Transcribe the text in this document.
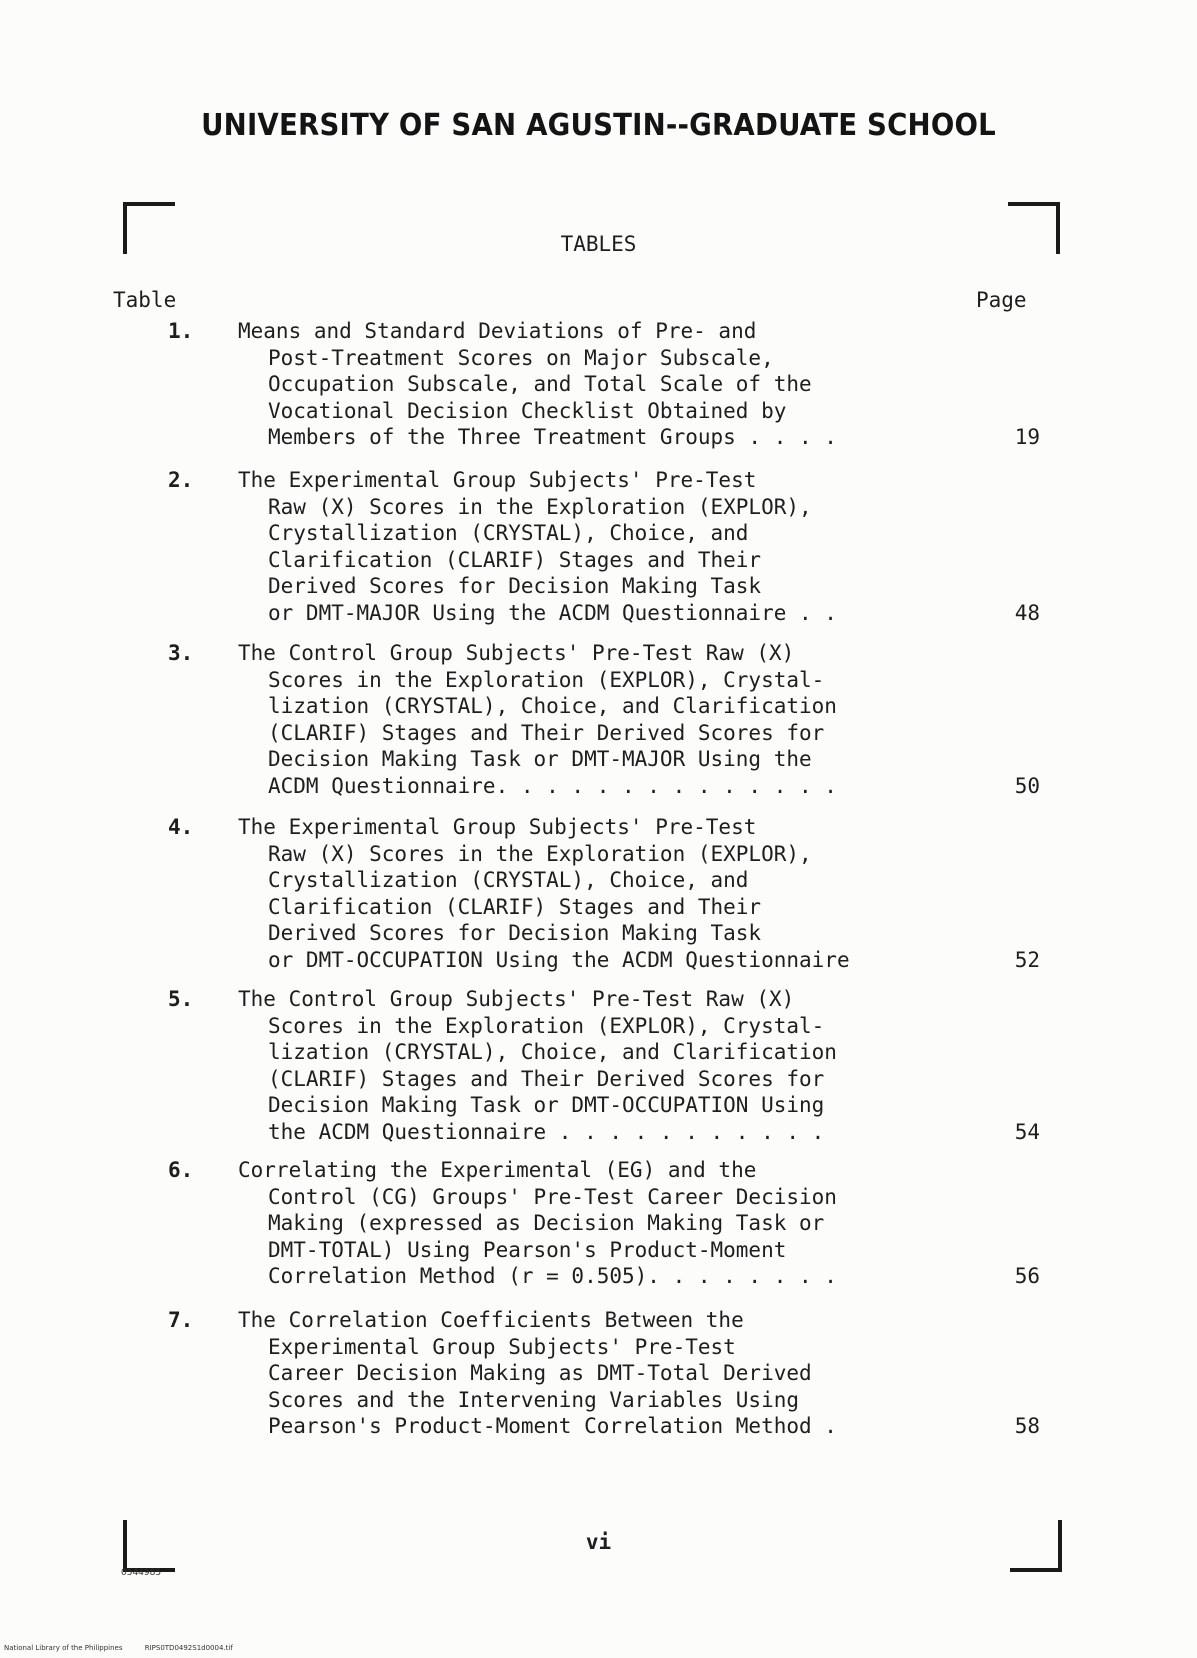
UNIVERSITY OF SAN AGUSTIN--GRADUATE SCHOOL
TABLES
Table	Page
1. Means and Standard Deviations of Pre- and
Post-Treatment Scores on Major Subscale,
Occupation Subscale, and Total Scale of the
Vocational Decision Checklist Obtained by
Members of the Three Treatment Groups . . . .	19
2. The Experimental Group Subjects' Pre-Test
Raw (X) Scores in the Exploration (EXPLOR),
Crystallization (CRYSTAL), Choice, and
Clarification (CLARIF) Stages and Their
Derived Scores for Decision Making Task
or DMT-MAJOR Using the ACDM Questionnaire . .	48
3. The Control Group Subjects' Pre-Test Raw (X)
Scores in the Exploration (EXPLOR), Crystal-
lization (CRYSTAL), Choice, and Clarification
(CLARIF) Stages and Their Derived Scores for
Decision Making Task or DMT-MAJOR Using the
ACDM Questionnaire. . . . . . . . . . . . . .	50
4. The Experimental Group Subjects' Pre-Test
Raw (X) Scores in the Exploration (EXPLOR),
Crystallization (CRYSTAL), Choice, and
Clarification (CLARIF) Stages and Their
Derived Scores for Decision Making Task
or DMT-OCCUPATION Using the ACDM Questionnaire	52
5. The Control Group Subjects' Pre-Test Raw (X)
Scores in the Exploration (EXPLOR), Crystal-
lization (CRYSTAL), Choice, and Clarification
(CLARIF) Stages and Their Derived Scores for
Decision Making Task or DMT-OCCUPATION Using
the ACDM Questionnaire . . . . . . . . . . .	54
6. Correlating the Experimental (EG) and the
Control (CG) Groups' Pre-Test Career Decision
Making (expressed as Decision Making Task or
DMT-TOTAL) Using Pearson's Product-Moment
Correlation Method (r = 0.505). . . . . . . .	56
7. The Correlation Coefficients Between the
Experimental Group Subjects' Pre-Test
Career Decision Making as DMT-Total Derived
Scores and the Intervening Variables Using
Pearson's Product-Moment Correlation Method .	58
vi
0544985
National Library of the Philippines	RIPS0TD0492S1d0004.tif
